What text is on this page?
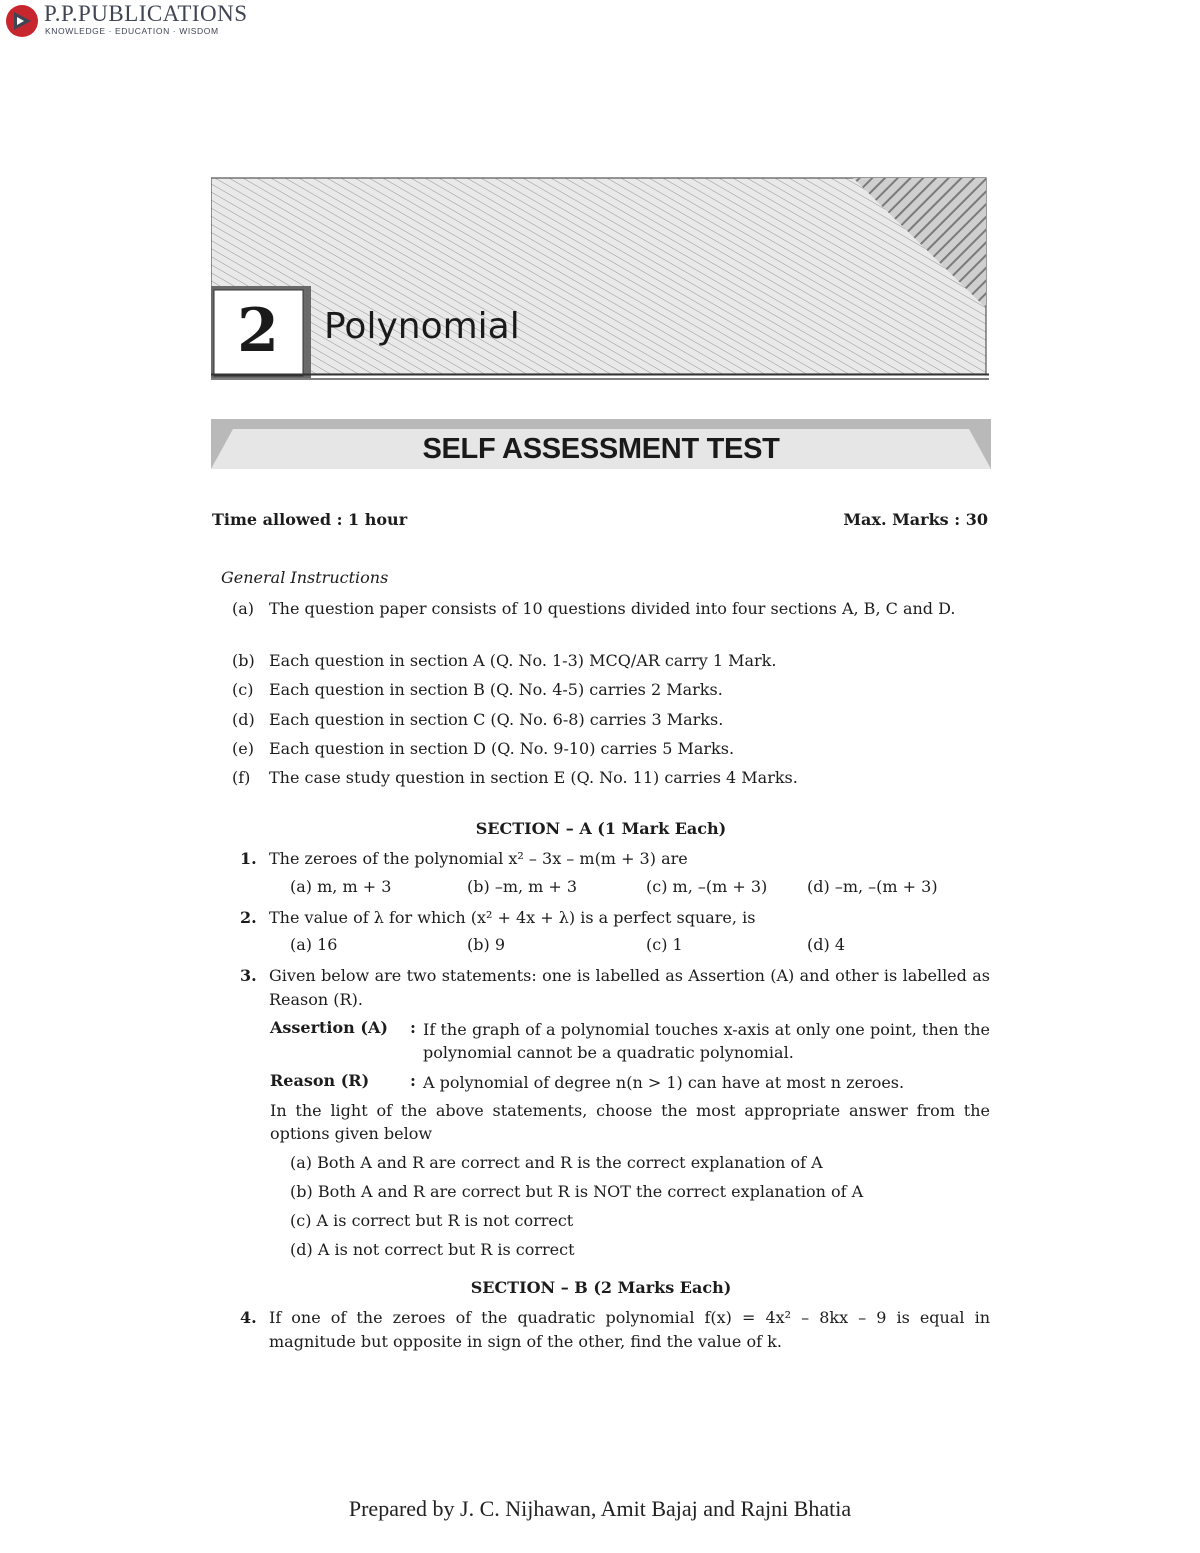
P.P.PUBLICATIONS
KNOWLEDGE · EDUCATION · WISDOM
2	Polynomial
SELF ASSESSMENT TEST
Time allowed : 1 hour	Max. Marks : 30
General Instructions
(a) The question paper consists of 10 questions divided into four sections A, B, C and D.
(b) Each question in section A (Q. No. 1-3) MCQ/AR carry 1 Mark.
(c) Each question in section B (Q. No. 4-5) carries 2 Marks.
(d) Each question in section C (Q. No. 6-8) carries 3 Marks.
(e) Each question in section D (Q. No. 9-10) carries 5 Marks.
(f) The case study question in section E (Q. No. 11) carries 4 Marks.
SECTION – A (1 Mark Each)
1. The zeroes of the polynomial x² – 3x – m(m + 3) are
(a) m, m + 3	(b) –m, m + 3	(c) m, –(m + 3) (d) –m, –(m + 3)
2. The value of λ for which (x² + 4x + λ) is a perfect square, is
(a) 16	(b) 9	(c) 1	(d) 4
3. Given below are two statements: one is labelled as Assertion (A) and other is labelled as Reason (R).
Assertion (A) : If the graph of a polynomial touches x-axis at only one point, then the polynomial cannot be a quadratic polynomial.
Reason (R)	: A polynomial of degree n(n > 1) can have at most n zeroes.
In the light of the above statements, choose the most appropriate answer from the options given below
(a) Both A and R are correct and R is the correct explanation of A
(b) Both A and R are correct but R is NOT the correct explanation of A
(c) A is correct but R is not correct
(d) A is not correct but R is correct
SECTION – B (2 Marks Each)
4. If one of the zeroes of the quadratic polynomial f(x) = 4x² – 8kx – 9 is equal in magnitude but opposite in sign of the other, find the value of k.
Prepared by J. C. Nijhawan, Amit Bajaj and Rajni Bhatia
